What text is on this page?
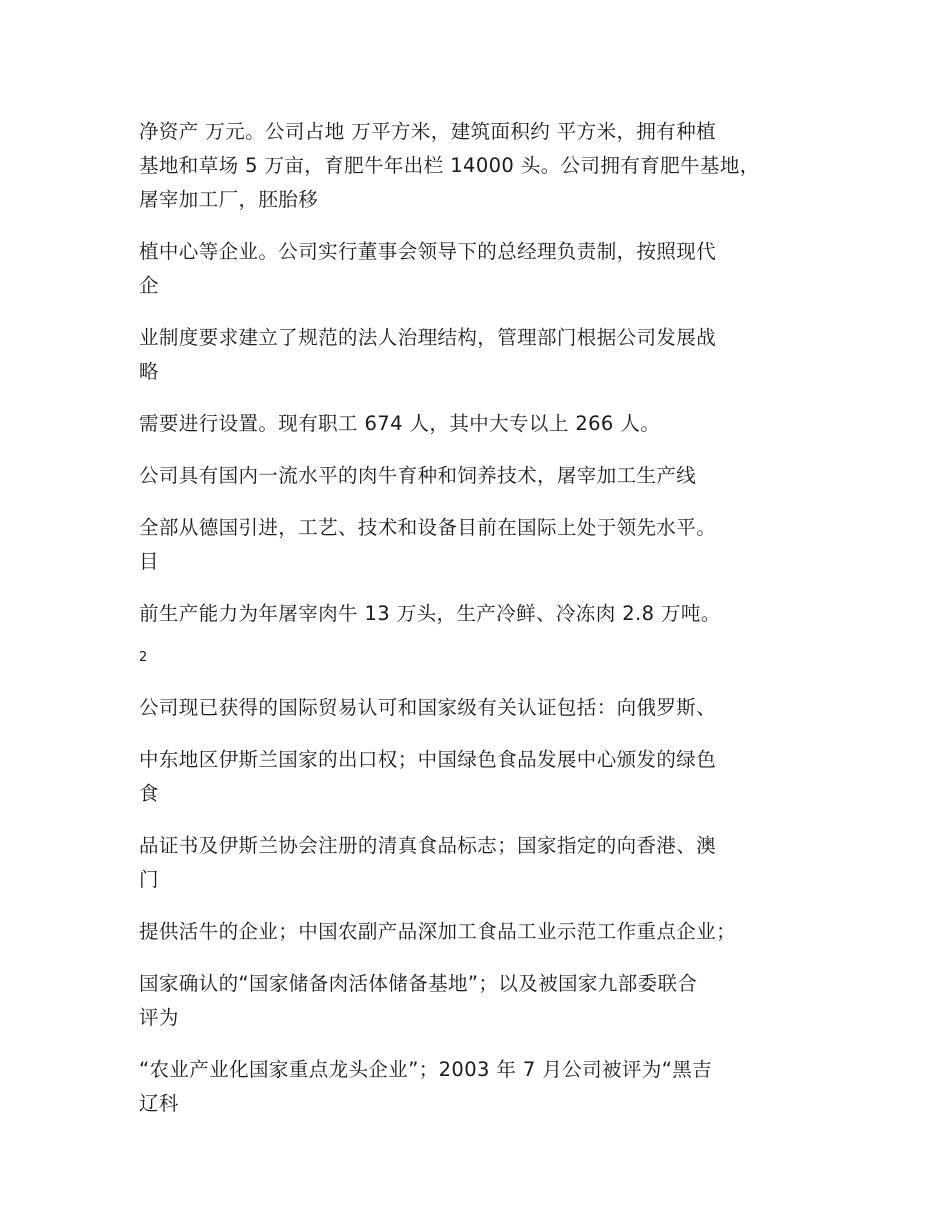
净资产 万元。公司占地 万平方米，建筑面积约 平方米，拥有种植
基地和草场 5 万亩，育肥牛年出栏 14000 头。公司拥有育肥牛基地，
屠宰加工厂，胚胎移

植中心等企业。公司实行董事会领导下的总经理负责制，按照现代
企

业制度要求建立了规范的法人治理结构，管理部门根据公司发展战
略

需要进行设置。现有职工 674 人，其中大专以上 266 人。

公司具有国内一流水平的肉牛育种和饲养技术，屠宰加工生产线

全部从德国引进，工艺、技术和设备目前在国际上处于领先水平。
目

前生产能力为年屠宰肉牛 13 万头，生产冷鲜、冷冻肉 2.8 万吨。

2

公司现已获得的国际贸易认可和国家级有关认证包括：向俄罗斯、

中东地区伊斯兰国家的出口权；中国绿色食品发展中心颁发的绿色
食

品证书及伊斯兰协会注册的清真食品标志；国家指定的向香港、澳
门

提供活牛的企业；中国农副产品深加工食品工业示范工作重点企业；

国家确认的“国家储备肉活体储备基地”；以及被国家九部委联合
评为

“农业产业化国家重点龙头企业”；2003 年 7 月公司被评为“黑吉
辽科
